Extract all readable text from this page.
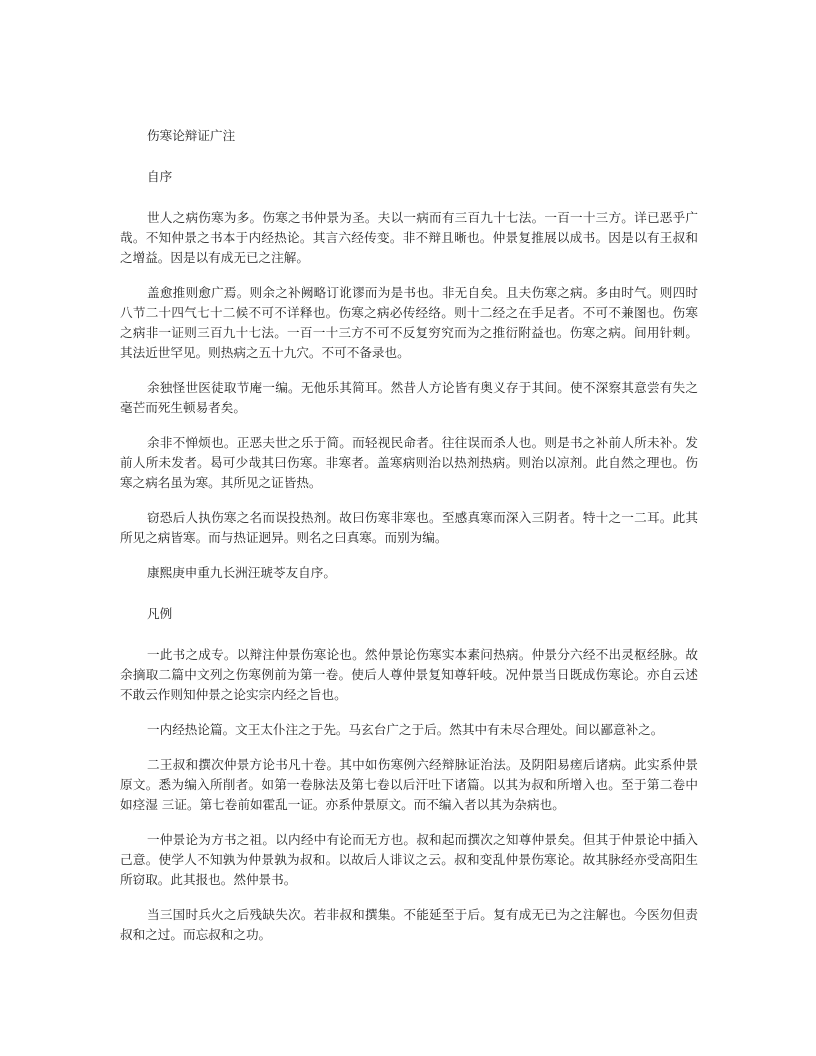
伤寒论辩证广注

自序

世人之病伤寒为多。伤寒之书仲景为圣。夫以一病而有三百九十七法。一百一十三方。详已恶乎广哉。不知仲景之书本于内经热论。其言六经传变。非不辩且晰也。仲景复推展以成书。因是以有王叔和之增益。因是以有成无已之注解。

盖愈推则愈广焉。则余之补阙略订讹谬而为是书也。非无自矣。且夫伤寒之病。多由时气。则四时八节二十四气七十二候不可不详释也。伤寒之病必传经络。则十二经之在手足者。不可不兼图也。伤寒之病非一证则三百九十七法。一百一十三方不可不反复穷究而为之推衍附益也。伤寒之病。间用针刺。其法近世罕见。则热病之五十九穴。不可不备录也。

余独怪世医徒取节庵一编。无他乐其简耳。然昔人方论皆有奥义存于其间。使不深察其意尝有失之毫芒而死生顿易者矣。

余非不惮烦也。正恶夫世之乐于简。而轻视民命者。往往误而杀人也。则是书之补前人所未补。发前人所未发者。曷可少哉其曰伤寒。非寒者。盖寒病则治以热剂热病。则治以凉剂。此自然之理也。伤寒之病名虽为寒。其所见之证皆热。

窃恐后人执伤寒之名而误投热剂。故曰伤寒非寒也。至感真寒而深入三阴者。特十之一二耳。此其所见之病皆寒。而与热证迥异。则名之曰真寒。而别为编。

康熙庚申重九长洲汪琥苓友自序。

凡例

一此书之成专。以辩注仲景伤寒论也。然仲景论伤寒实本素问热病。仲景分六经不出灵枢经脉。故余摘取二篇中文列之伤寒例前为第一卷。使后人尊仲景复知尊轩岐。况仲景当日既成伤寒论。亦自云述不敢云作则知仲景之论实宗内经之旨也。

一内经热论篇。文王太仆注之于先。马玄台广之于后。然其中有未尽合理处。间以鄙意补之。

二王叔和撰次仲景方论书凡十卷。其中如伤寒例六经辩脉证治法。及阴阳易瘥后诸病。此实系仲景原文。悉为编入所削者。如第一卷脉法及第七卷以后汗吐下诸篇。以其为叔和所增入也。至于第二卷中如痉湿 三证。第七卷前如霍乱一证。亦系仲景原文。而不编入者以其为杂病也。

一仲景论为方书之祖。以内经中有论而无方也。叔和起而撰次之知尊仲景矣。但其于仲景论中插入己意。使学人不知孰为仲景孰为叔和。以故后人诽议之云。叔和变乱仲景伤寒论。故其脉经亦受高阳生所窃取。此其报也。然仲景书。

当三国时兵火之后残缺失次。若非叔和撰集。不能延至于后。复有成无已为之注解也。今医勿但责叔和之过。而忘叔和之功。
